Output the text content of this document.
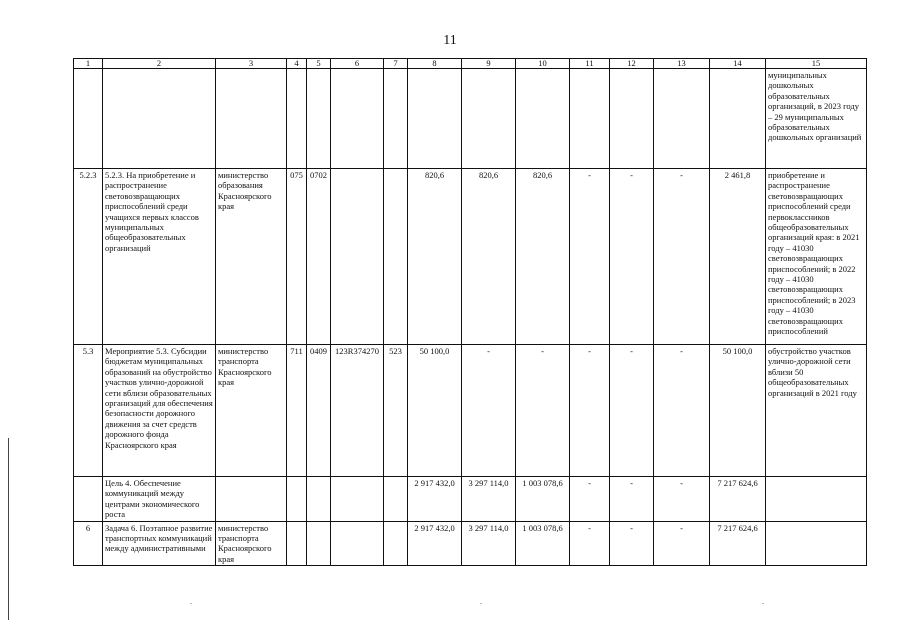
11
1	2	3	4	5	6	7	8	9	10	11	12	13	14	15
														муниципальных дошкольных образовательных организаций, в 2023 году – 29 муниципальных образовательных дошкольных организаций
5.2.3	5.2.3. На приобретение и распространение световозвращающих приспособлений среди учащихся первых классов муниципальных общеобразовательных организаций	министерство образования Красноярского края	075	0702			820,6	820,6	820,6	-	-	-	2 461,8	приобретение и распространение световозвращающих приспособлений среди первоклассников общеобразовательных организаций края: в 2021 году – 41030 световозвращающих приспособлений; в 2022 году – 41030 световозвращающих приспособлений; в 2023 году – 41030 световозвращающих приспособлений
5.3	Мероприятие 5.3. Субсидии бюджетам муниципальных образований на обустройство участков улично-дорожной сети вблизи образовательных организаций для обеспечения безопасности дорожного движения за счет средств дорожного фонда Красноярского края	министерство транспорта Красноярского края	711	0409	123R374270	523	50 100,0	-	-	-	-	-	50 100,0	обустройство участков улично-дорожной сети вблизи 50 общеобразовательных организаций в 2021 году
	Цель 4. Обеспечение коммуникаций между центрами экономического роста						2 917 432,0	3 297 114,0	1 003 078,6	-	-	-	7 217 624,6	
6	Задача 6. Поэтапное развитие транспортных коммуникаций между административными	министерство транспорта Красноярского края					2 917 432,0	3 297 114,0	1 003 078,6	-	-	-	7 217 624,6	
